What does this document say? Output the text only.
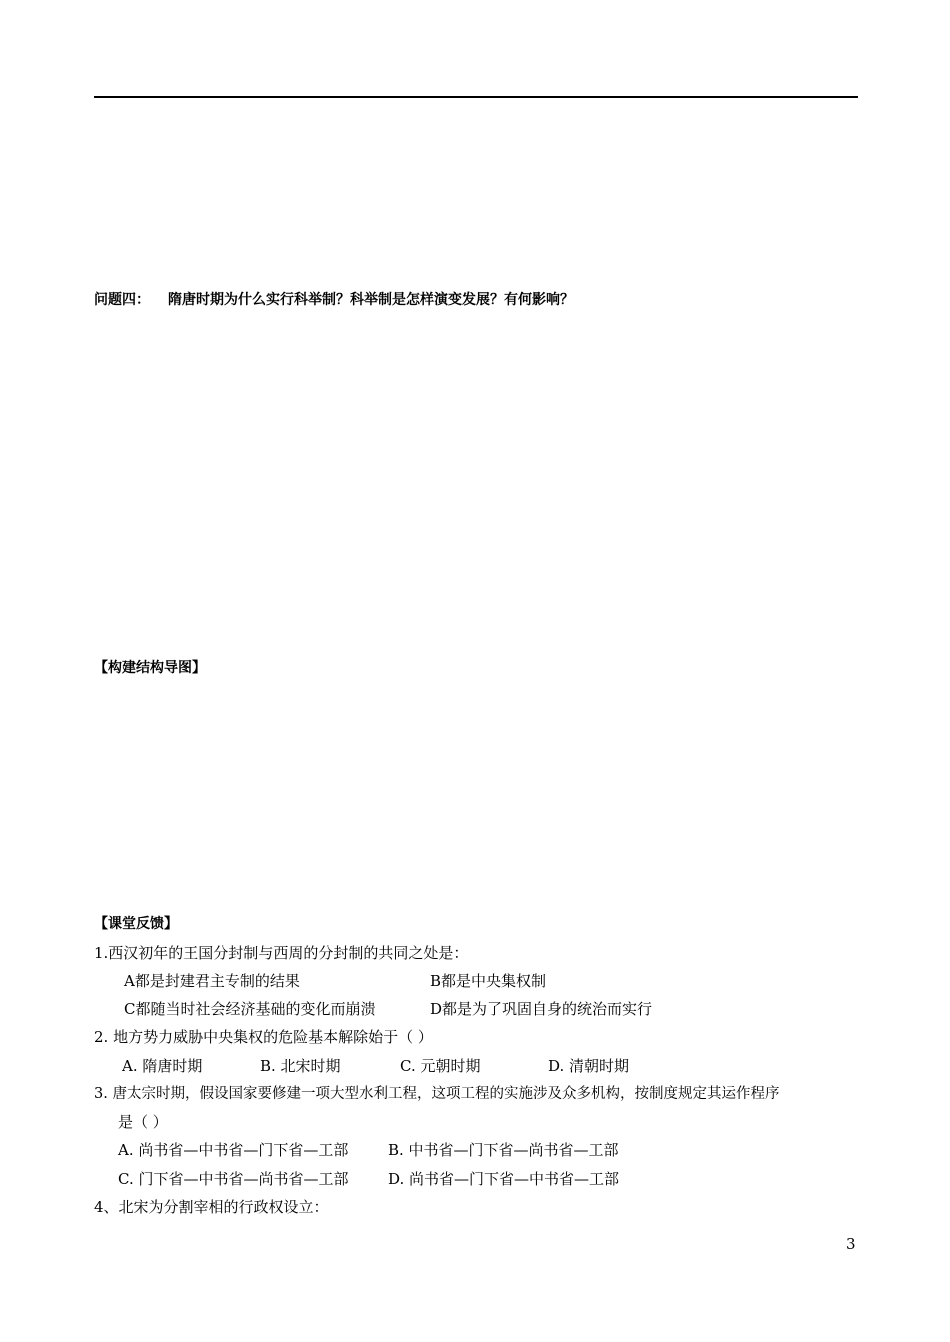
问题四： 隋唐时期为什么实行科举制？科举制是怎样演变发展？有何影响？
【构建结构导图】
【课堂反馈】
1.西汉初年的王国分封制与西周的分封制的共同之处是：
A都是封建君主专制的结果	B都是中央集权制
C都随当时社会经济基础的变化而崩溃	D都是为了巩固自身的统治而实行
2. 地方势力威胁中央集权的危险基本解除始于（ ）
A. 隋唐时期	B. 北宋时期	C. 元朝时期	D. 清朝时期
3. 唐太宗时期，假设国家要修建一项大型水利工程，这项工程的实施涉及众多机构，按制度规定其运作程序
是（ ）
A. 尚书省—中书省—门下省—工部	B. 中书省—门下省—尚书省—工部
C. 门下省—中书省—尚书省—工部	D. 尚书省—门下省—中书省—工部
4、北宋为分割宰相的行政权设立：
3
